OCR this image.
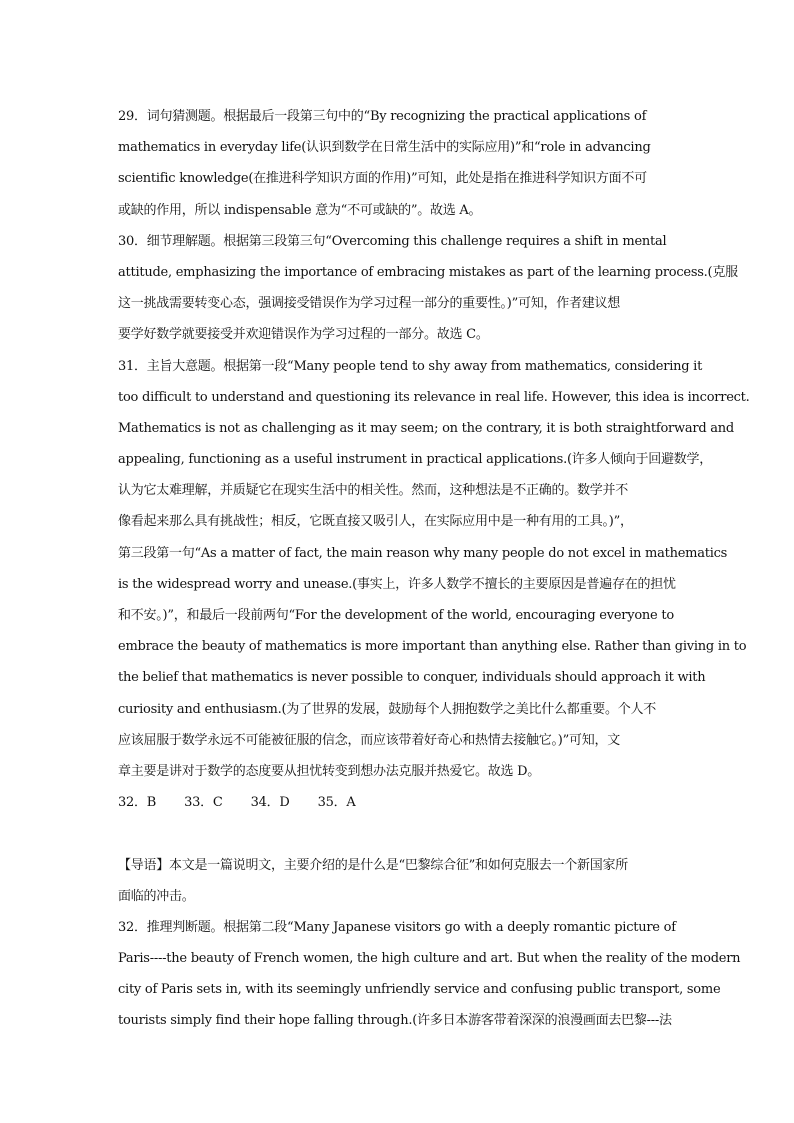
29．词句猜测题。根据最后一段第三句中的“By recognizing the practical applications of
mathematics in everyday life(认识到数学在日常生活中的实际应用)”和“role in advancing
scientific knowledge(在推进科学知识方面的作用)”可知，此处是指在推进科学知识方面不可
或缺的作用，所以 indispensable 意为“不可或缺的”。故选 A。
30．细节理解题。根据第三段第三句“Overcoming this challenge requires a shift in mental
attitude, emphasizing the importance of embracing mistakes as part of the learning process.(克服
这一挑战需要转变心态，强调接受错误作为学习过程一部分的重要性。)”可知，作者建议想
要学好数学就要接受并欢迎错误作为学习过程的一部分。故选 C。
31．主旨大意题。根据第一段“Many people tend to shy away from mathematics, considering it
too difficult to understand and questioning its relevance in real life. However, this idea is incorrect.
Mathematics is not as challenging as it may seem; on the contrary, it is both straightforward and
appealing, functioning as a useful instrument in practical applications.(许多人倾向于回避数学，
认为它太难理解，并质疑它在现实生活中的相关性。然而，这种想法是不正确的。数学并不
像看起来那么具有挑战性；相反，它既直接又吸引人，在实际应用中是一种有用的工具。)”，
第三段第一句“As a matter of fact, the main reason why many people do not excel in mathematics
is the widespread worry and unease.(事实上，许多人数学不擅长的主要原因是普遍存在的担忧
和不安。)”，和最后一段前两句“For the development of the world, encouraging everyone to
embrace the beauty of mathematics is more important than anything else. Rather than giving in to
the belief that mathematics is never possible to conquer, individuals should approach it with
curiosity and enthusiasm.(为了世界的发展，鼓励每个人拥抱数学之美比什么都重要。个人不
应该屈服于数学永远不可能被征服的信念，而应该带着好奇心和热情去接触它。)”可知，文
章主要是讲对于数学的态度要从担忧转变到想办法克服并热爱它。故选 D。
32．B 33．C 34．D 35．A
【导语】本文是一篇说明文，主要介绍的是什么是“巴黎综合征”和如何克服去一个新国家所
面临的冲击。
32．推理判断题。根据第二段“Many Japanese visitors go with a deeply romantic picture of
Paris----the beauty of French women, the high culture and art. But when the reality of the modern
city of Paris sets in, with its seemingly unfriendly service and confusing public transport, some
tourists simply find their hope falling through.(许多日本游客带着深深的浪漫画面去巴黎---法
